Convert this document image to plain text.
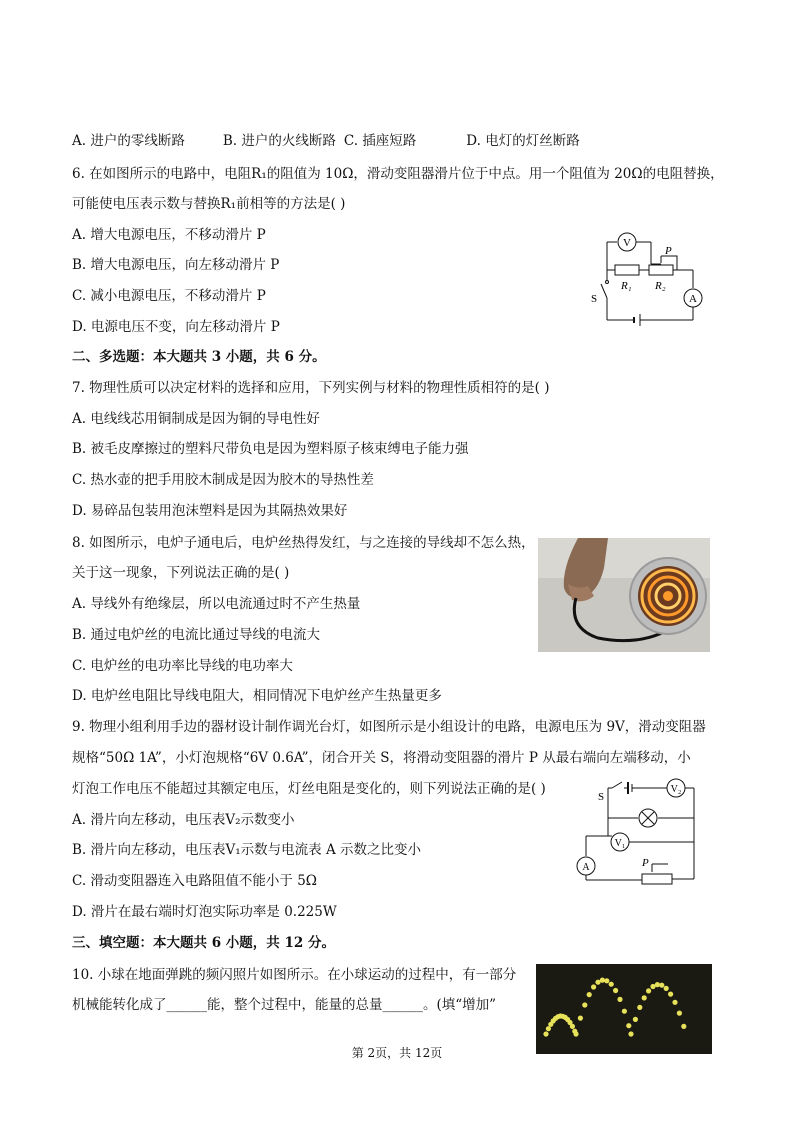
A. 进户的零线断路	B. 进户的火线断路 C. 插座短路	D. 电灯的灯丝断路
6. 在如图所示的电路中，电阻R₁的阻值为 10Ω，滑动变阻器滑片位于中点。用一个阻值为 20Ω的电阻替换，
可能使电压表示数与替换R₁前相等的方法是( )
A. 增大电源电压，不移动滑片 P
B. 增大电源电压，向左移动滑片 P
C. 减小电源电压，不移动滑片 P
D. 电源电压不变，向左移动滑片 P
V
A
P
R₁ R₂
S
二、多选题：本大题共 3 小题，共 6 分。
7. 物理性质可以决定材料的选择和应用，下列实例与材料的物理性质相符的是( )
A. 电线线芯用铜制成是因为铜的导电性好
B. 被毛皮摩擦过的塑料尺带负电是因为塑料原子核束缚电子能力强
C. 热水壶的把手用胶木制成是因为胶木的导热性差
D. 易碎品包装用泡沫塑料是因为其隔热效果好
8. 如图所示，电炉子通电后，电炉丝热得发红，与之连接的导线却不怎么热，
关于这一现象，下列说法正确的是( )
A. 导线外有绝缘层，所以电流通过时不产生热量
B. 通过电炉丝的电流比通过导线的电流大
C. 电炉丝的电功率比导线的电功率大
D. 电炉丝电阻比导线电阻大，相同情况下电炉丝产生热量更多
9. 物理小组利用手边的器材设计制作调光台灯，如图所示是小组设计的电路，电源电压为 9V，滑动变阻器
规格“50Ω 1A”，小灯泡规格“6V 0.6A”，闭合开关 S，将滑动变阻器的滑片 P 从最右端向左端移动，小
灯泡工作电压不能超过其额定电压，灯丝电阻是变化的，则下列说法正确的是( )
A. 滑片向左移动，电压表V₂示数变小
B. 滑片向左移动，电压表V₁示数与电流表 A 示数之比变小
C. 滑动变阻器连入电路阻值不能小于 5Ω
D. 滑片在最右端时灯泡实际功率是 0.225W
V₂
V₁
A	P
S
三、填空题：本大题共 6 小题，共 12 分。
10. 小球在地面弹跳的频闪照片如图所示。在小球运动的过程中，有一部分
机械能转化成了______能，整个过程中，能量的总量______。(填“增加”
第 2页，共 12页
